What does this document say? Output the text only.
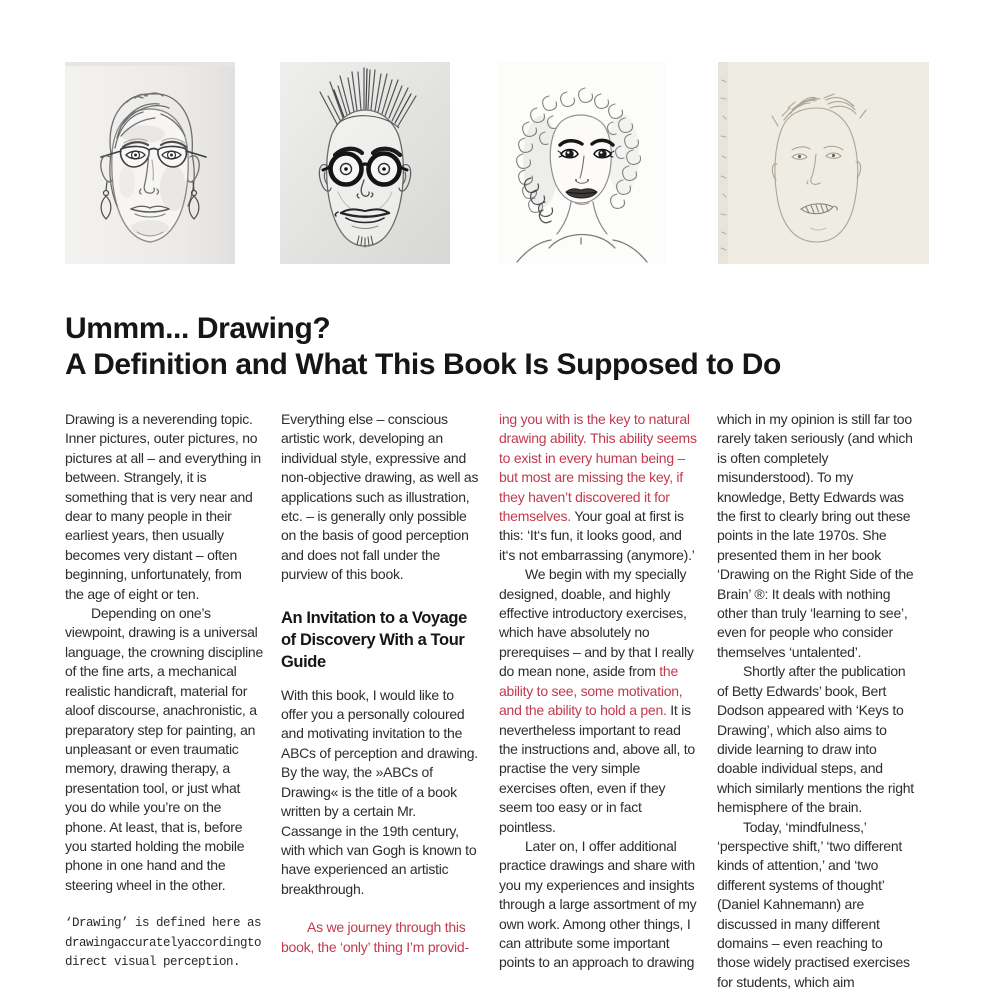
Ummm... Drawing?
A Definition and What This Book Is Supposed to Do

Drawing is a neverending topic. Inner pictures, outer pictures, no pictures at all – and everything in between. Strangely, it is something that is very near and dear to many people in their earliest years, then usually becomes very distant – often beginning, unfortunately, from the age of eight or ten.

Depending on one’s viewpoint, drawing is a universal language, the crowning discipline of the fine arts, a mechanical realistic handicraft, material for aloof discourse, anachronistic, a preparatory step for painting, an unpleasant or even traumatic memory, drawing therapy, a presentation tool, or just what you do while you’re on the phone. At least, that is, before you started holding the mobile phone in one hand and the steering wheel in the other.

‘Drawing’ is defined here as drawingaccuratelyaccordingto direct visual perception.

Everything else – conscious artistic work, developing an individual style, expressive and non-objective drawing, as well as applications such as illustration, etc. – is generally only possible on the basis of good perception and does not fall under the purview of this book.

An Invitation to a Voyage of Discovery With a Tour Guide

With this book, I would like to offer you a personally coloured and motivating invitation to the ABCs of perception and drawing. By the way, the »ABCs of Drawing« is the title of a book written by a certain Mr. Cassange in the 19th century, with which van Gogh is known to have experienced an artistic breakthrough.

As we journey through this book, the ‘only’ thing I’m provid-

ing you with is the key to natural drawing ability. This ability seems to exist in every human being – but most are missing the key, if they haven’t discovered it for themselves. Your goal at first is this: ‘It‘s fun, it looks good, and it‘s not embarrassing (anymore).’

We begin with my specially designed, doable, and highly effective introductory exercises, which have absolutely no prerequises – and by that I really do mean none, aside from the ability to see, some motivation, and the ability to hold a pen. It is nevertheless important to read the instructions and, above all, to practise the very simple exercises often, even if they seem too easy or in fact pointless.

Later on, I offer additional practice drawings and share with you my experiences and insights through a large assortment of my own work. Among other things, I can attribute some important points to an approach to drawing

which in my opinion is still far too rarely taken seriously (and which is often completely misunderstood). To my knowledge, Betty Edwards was the first to clearly bring out these points in the late 1970s. She presented them in her book ‘Drawing on the Right Side of the Brain’ ®: It deals with nothing other than truly ‘learning to see’, even for people who consider themselves ‘untalented’.

Shortly after the publication of Betty Edwards’ book, Bert Dodson appeared with ‘Keys to Drawing’, which also aims to divide learning to draw into doable individual steps, and which similarly mentions the right hemisphere of the brain.

Today, ‘mindfulness,’ ‘perspective shift,’ ‘two different kinds of attention,’ and ‘two different systems of thought’ (Daniel Kahnemann) are discussed in many different domains – even reaching to those widely practised exercises for students, which aim
